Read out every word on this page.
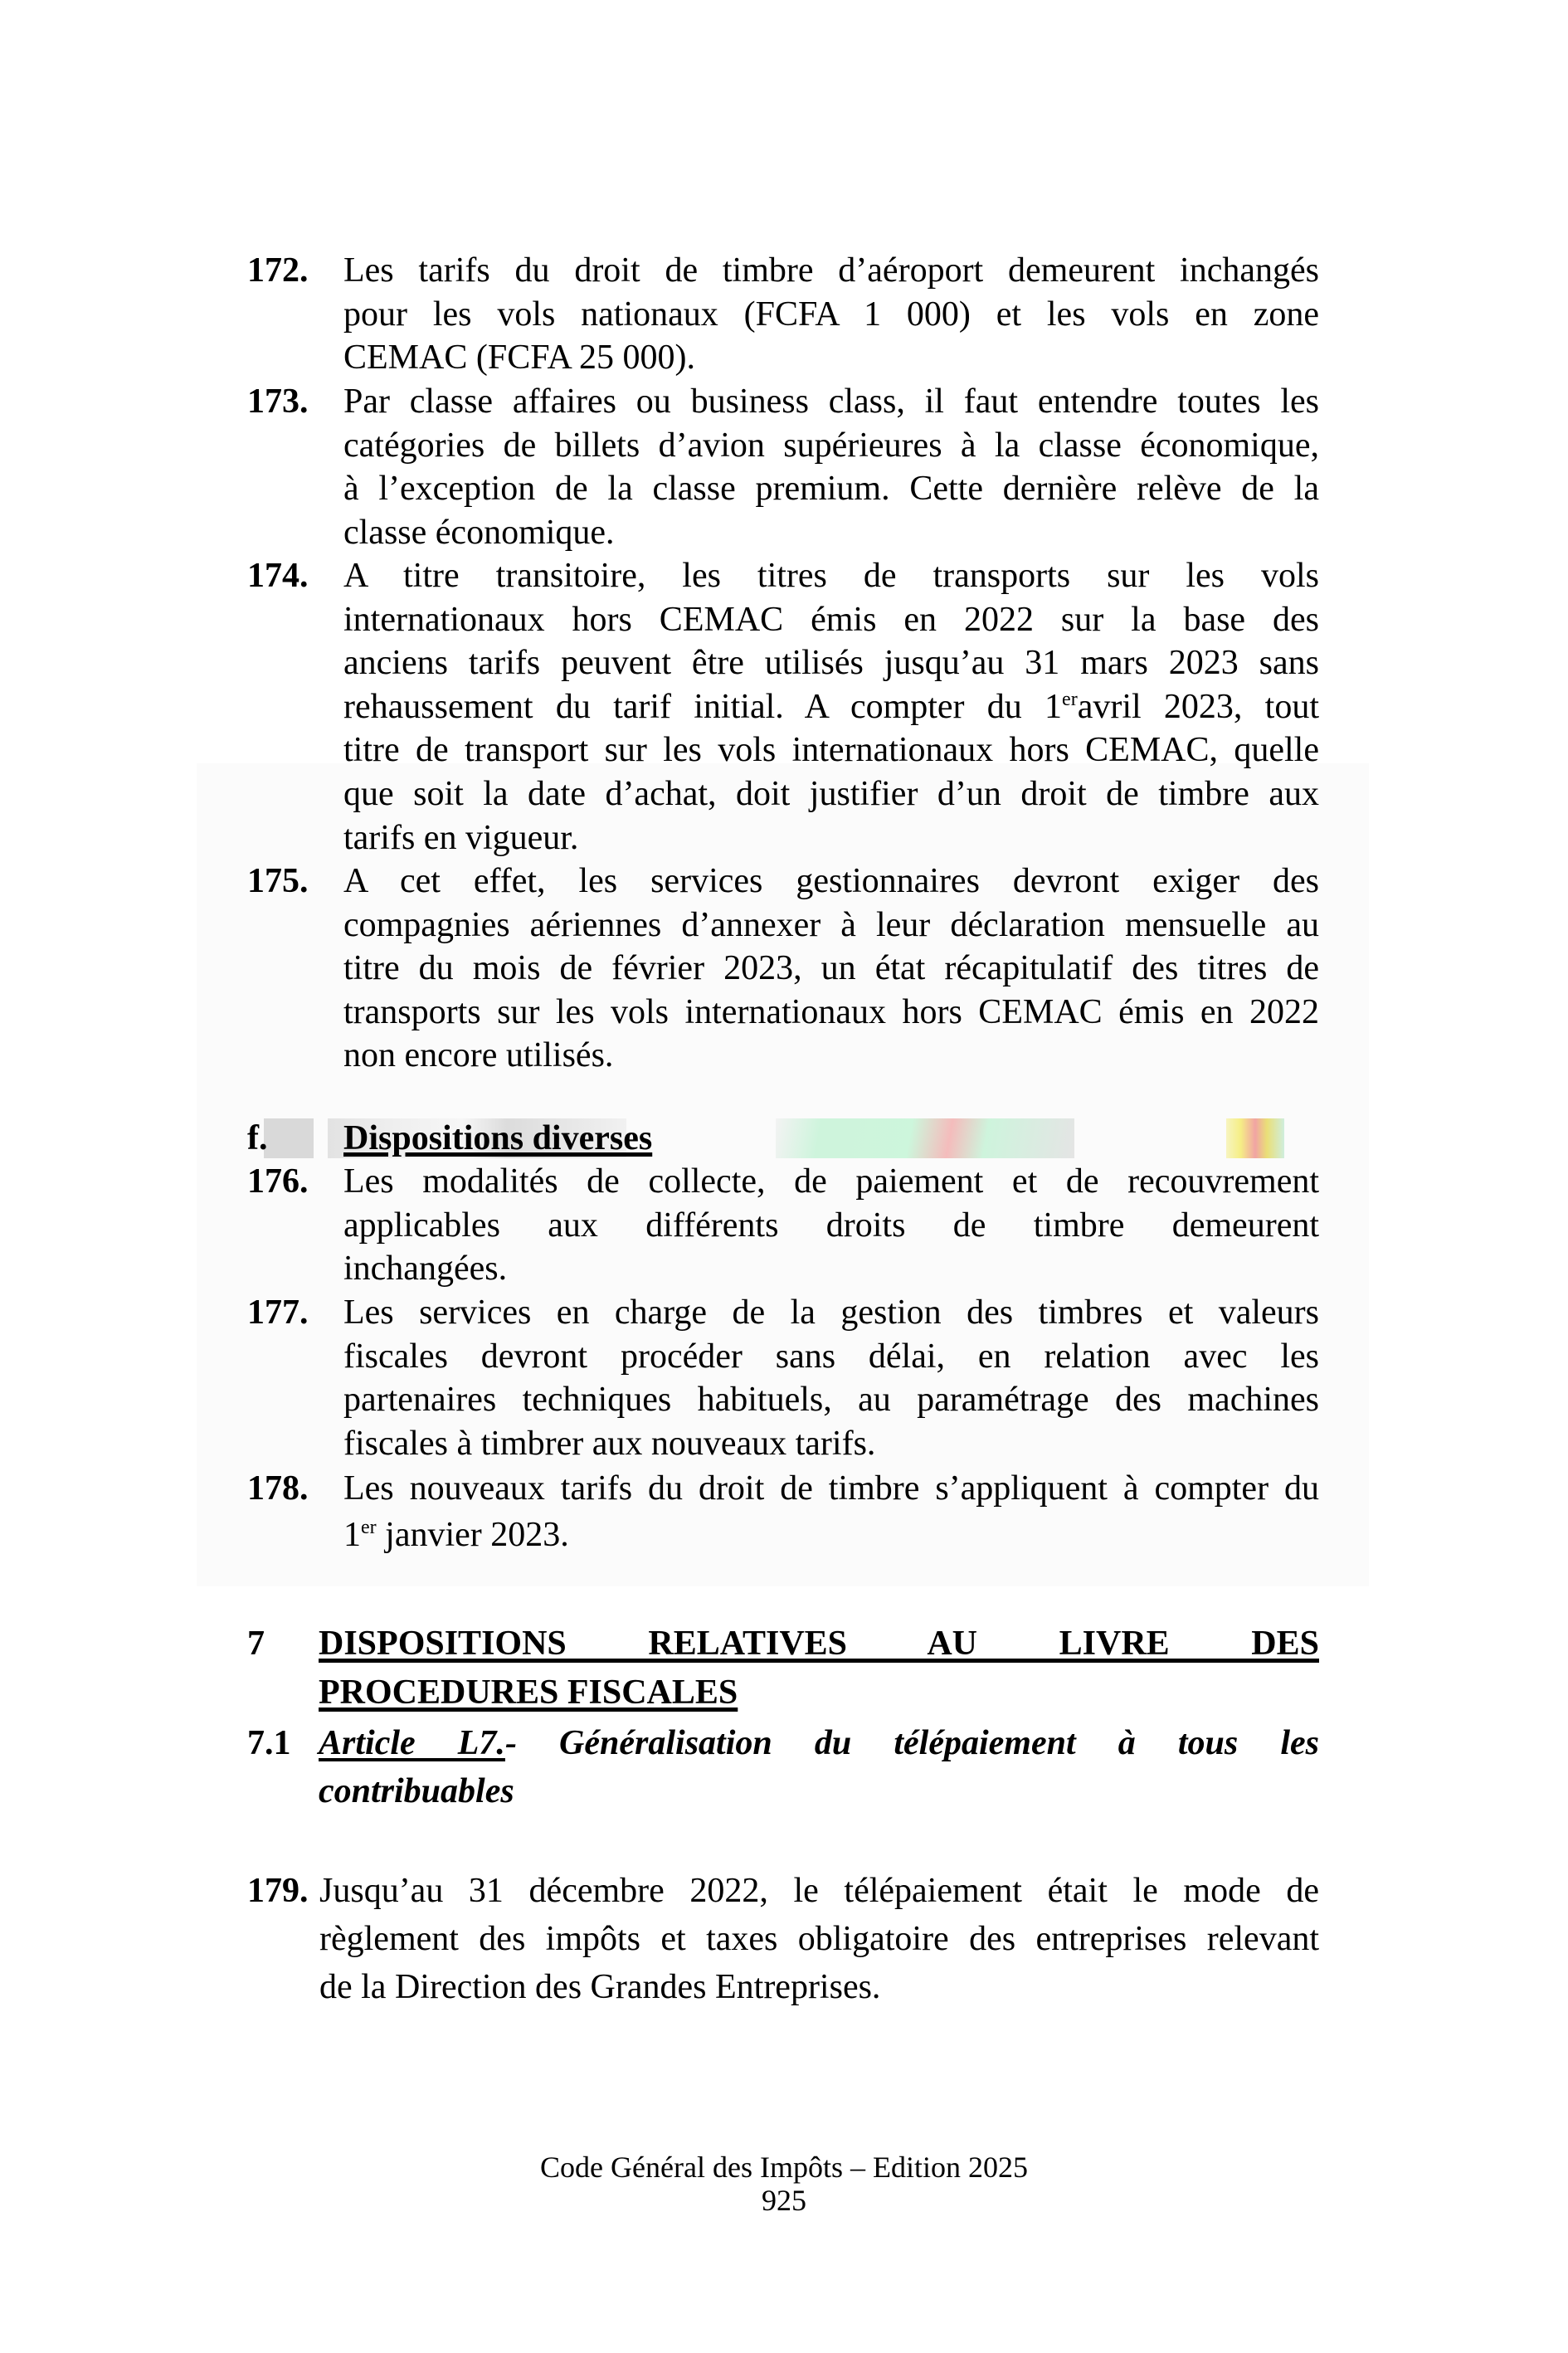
172. Les tarifs du droit de timbre d’aéroport demeurent inchangés
pour les vols nationaux (FCFA 1 000) et les vols en zone
CEMAC (FCFA 25 000).
173. Par classe affaires ou business class, il faut entendre toutes les
catégories de billets d’avion supérieures à la classe économique,
à l’exception de la classe premium. Cette dernière relève de la
classe économique.
174. A titre transitoire, les titres de transports sur les vols
internationaux hors CEMAC émis en 2022 sur la base des
anciens tarifs peuvent être utilisés jusqu’au 31 mars 2023 sans
rehaussement du tarif initial. A compter du 1eravril 2023, tout
titre de transport sur les vols internationaux hors CEMAC, quelle
que soit la date d’achat, doit justifier d’un droit de timbre aux
tarifs en vigueur.
175. A cet effet, les services gestionnaires devront exiger des
compagnies aériennes d’annexer à leur déclaration mensuelle au
titre du mois de février 2023, un état récapitulatif des titres de
transports sur les vols internationaux hors CEMAC émis en 2022
non encore utilisés.
f. Dispositions diverses
176. Les modalités de collecte, de paiement et de recouvrement
applicables aux différents droits de timbre demeurent
inchangées.
177. Les services en charge de la gestion des timbres et valeurs
fiscales devront procéder sans délai, en relation avec les
partenaires techniques habituels, au paramétrage des machines
fiscales à timbrer aux nouveaux tarifs.
178. Les nouveaux tarifs du droit de timbre s’appliquent à compter du
1er janvier 2023.
7 DISPOSITIONS RELATIVES AU LIVRE DES
PROCEDURES FISCALES
7.1 Article L7.- Généralisation du télépaiement à tous les
contribuables
179. Jusqu’au 31 décembre 2022, le télépaiement était le mode de
règlement des impôts et taxes obligatoire des entreprises relevant
de la Direction des Grandes Entreprises.
Code Général des Impôts – Edition 2025
925
